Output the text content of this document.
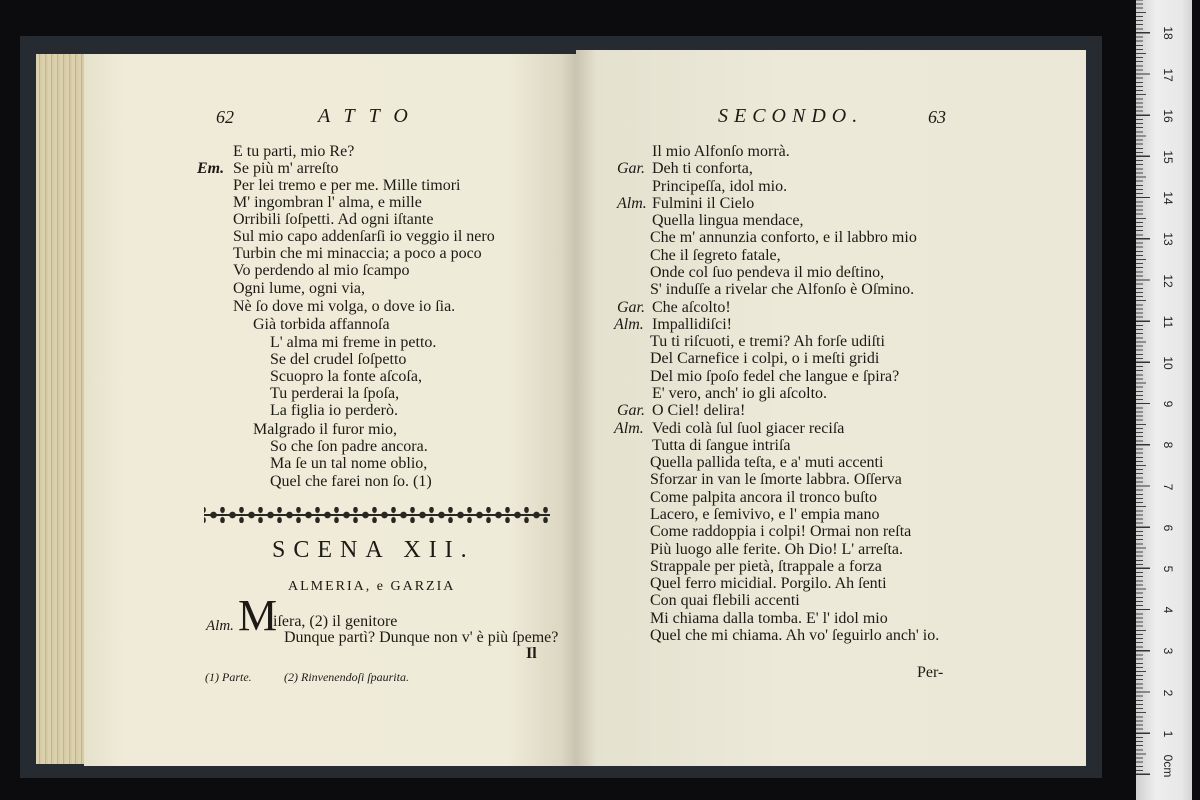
62	ATTO
E tu parti, mio Re?
Em. Se più m' arreſto
Per lei tremo e per me. Mille timori
M' ingombran l' alma, e mille
Orribili ſoſpetti. Ad ogni iſtante
Sul mio capo addenſarſi io veggio il nero
Turbin che mi minaccia; a poco a poco
Vo perdendo al mio ſcampo
Ogni lume, ogni via,
Nè ſo dove mi volga, o dove io ſia.
Già torbida affannoſa
L' alma mi freme in petto.
Se del crudel ſoſpetto
Scuopro la fonte aſcoſa,
Tu perderai la ſpoſa,
La figlia io perderò.
Malgrado il furor mio,
So che ſon padre ancora.
Ma ſe un tal nome oblio,
Quel che farei non ſo. (1)
SCENA XII.
ALMERIA, e GARZIA
Alm. M
iſera, (2) il genitore
Dunque partì? Dunque non v' è più ſpeme?
Il
(1) Parte.	(2) Rinvenendoſi ſpaurita.
SECONDO.	63
Il mio Alfonſo morrà.
Gar. Deh ti conforta,
Principeſſa, idol mio.
Alm. Fulmini il Cielo
Quella lingua mendace,
Che m' annunzia conforto, e il labbro mio
Che il ſegreto fatale,
Onde col ſuo pendeva il mio deſtino,
S' induſſe a rivelar che Alfonſo è Oſmino.
Gar. Che aſcolto!
Alm. Impallidiſci!
Tu ti riſcuoti, e tremi? Ah forſe udiſti
Del Carnefice i colpi, o i meſti gridi
Del mio ſpoſo fedel che langue e ſpira?
E' vero, anch' io gli aſcolto.
Gar. O Ciel! delira!
Alm. Vedi colà ſul ſuol giacer reciſa
Tutta di ſangue intriſa
Quella pallida teſta, e a' muti accenti
Sforzar in van le ſmorte labbra. Oſſerva
Come palpita ancora il tronco buſto
Lacero, e ſemivivo, e l' empia mano
Come raddoppia i colpi! Ormai non reſta
Più luogo alle ferite. Oh Dio! L' arreſta.
Strappale per pietà, ſtrappale a forza
Quel ferro micidial. Porgilo. Ah ſenti
Con quai flebili accenti
Mi chiama dalla tomba. E' l' idol mio
Quel che mi chiama. Ah vo' ſeguirlo anch' io.
Per-
18
17
16
15
14
13
12
11
10
9
8
7
6
5
4
3
2
1
0cm
